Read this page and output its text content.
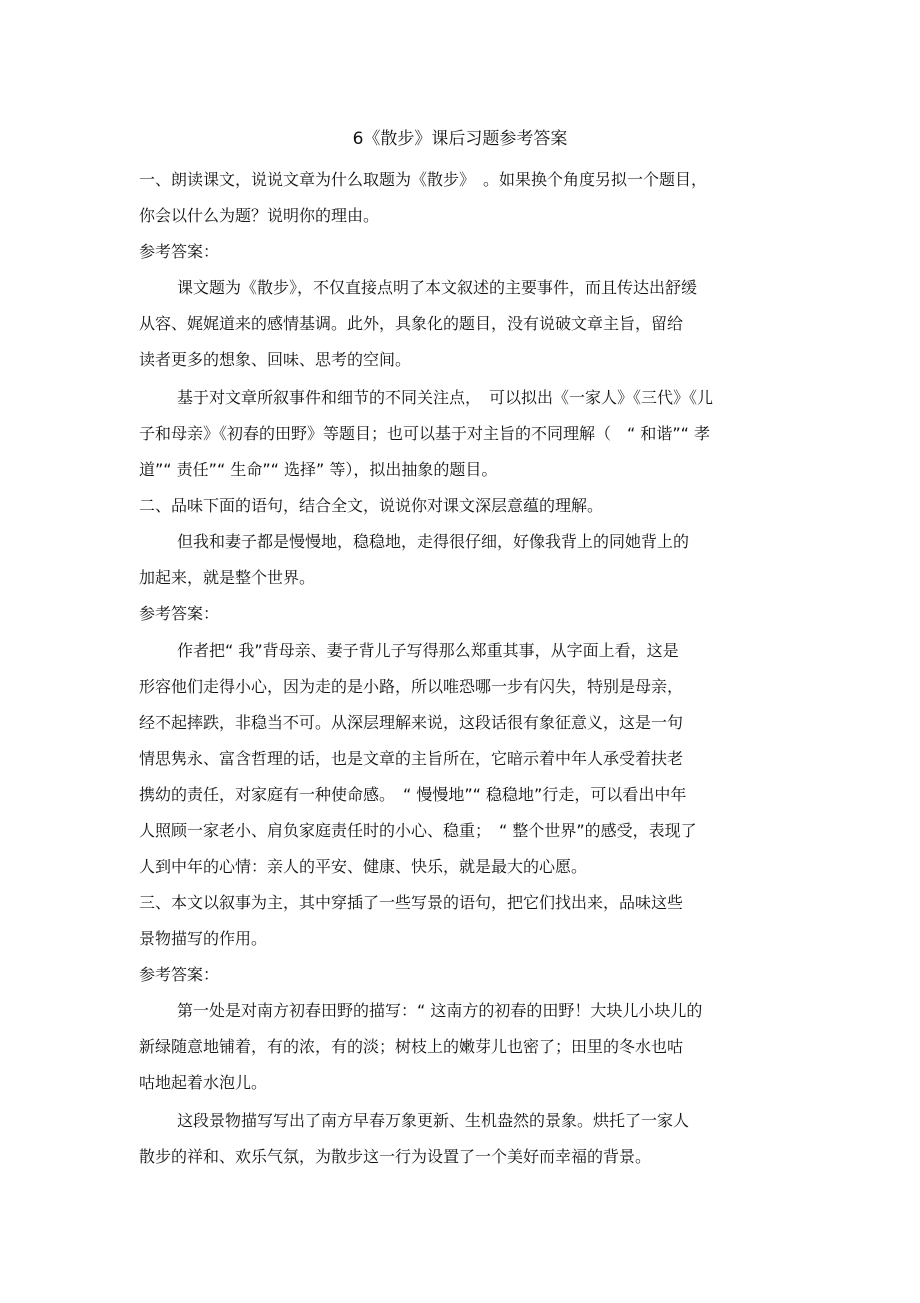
6《散步》课后习题参考答案
一、朗读课文，说说文章为什么取题为《散步》　。如果换个角度另拟一个题目，
你会以什么为题？说明你的理由。
参考答案：
课文题为《散步》，不仅直接点明了本文叙述的主要事件，而且传达出舒缓
从容、娓娓道来的感情基调。此外，具象化的题目，没有说破文章主旨，留给
读者更多的想象、回味、思考的空间。
基于对文章所叙事件和细节的不同关注点，　可以拟出《一家人》《三代》《儿
子和母亲》《初春的田野》等题目；也可以基于对主旨的不同理解（　“ 和谐”“ 孝
道”“ 责任”“ 生命”“ 选择” 等），拟出抽象的题目。
二、品味下面的语句，结合全文，说说你对课文深层意蕴的理解。
但我和妻子都是慢慢地，稳稳地，走得很仔细，好像我背上的同她背上的
加起来，就是整个世界。
参考答案：
作者把“ 我”背母亲、妻子背儿子写得那么郑重其事，从字面上看，这是
形容他们走得小心，因为走的是小路，所以唯恐哪一步有闪失，特别是母亲，
经不起摔跌，非稳当不可。从深层理解来说，这段话很有象征意义，这是一句
情思隽永、富含哲理的话，也是文章的主旨所在，它暗示着中年人承受着扶老
携幼的责任，对家庭有一种使命感。　“ 慢慢地”“ 稳稳地”行走，可以看出中年
人照顾一家老小、肩负家庭责任时的小心、稳重；　“ 整个世界”的感受，表现了
人到中年的心情：亲人的平安、健康、快乐，就是最大的心愿。
三、本文以叙事为主，其中穿插了一些写景的语句，把它们找出来，品味这些
景物描写的作用。
参考答案：
第一处是对南方初春田野的描写：“ 这南方的初春的田野！大块儿小块儿的
新绿随意地铺着，有的浓，有的淡；树枝上的嫩芽儿也密了；田里的冬水也咕
咕地起着水泡儿。
这段景物描写写出了南方早春万象更新、生机盎然的景象。烘托了一家人
散步的祥和、欢乐气氛，为散步这一行为设置了一个美好而幸福的背景。
